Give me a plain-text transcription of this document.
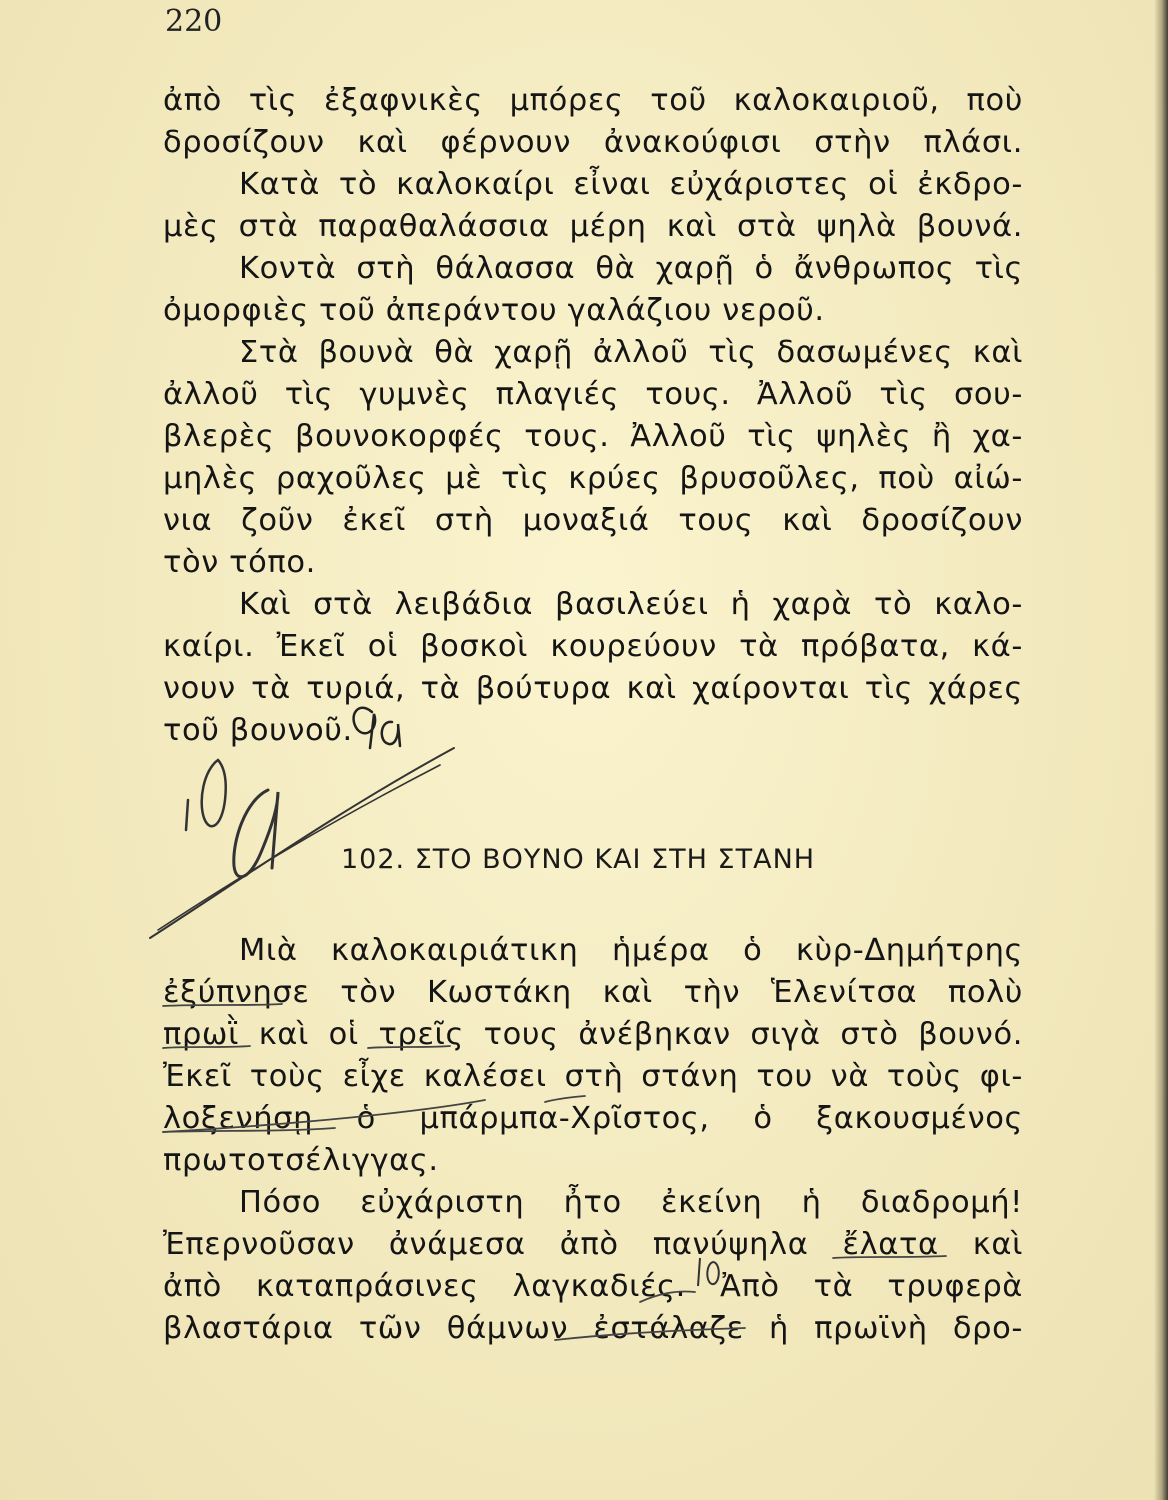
220
ἀπὸ τὶς ἐξαφνικὲς μπόρες τοῦ καλοκαιριοῦ, ποὺ
δροσίζουν καὶ φέρνουν ἀνακούφισι στὴν πλάσι.
Κατὰ τὸ καλοκαίρι εἶναι εὐχάριστες οἱ ἐκδρο-
μὲς στὰ παραθαλάσσια μέρη καὶ στὰ ψηλὰ βουνά.
Κοντὰ στὴ θάλασσα θὰ χαρῇ ὁ ἄνθρωπος τὶς
ὀμορφιὲς τοῦ ἀπεράντου γαλάζιου νεροῦ.
Στὰ βουνὰ θὰ χαρῇ ἀλλοῦ τὶς δασωμένες καὶ
ἀλλοῦ τὶς γυμνὲς πλαγιές τους. Ἀλλοῦ τὶς σου-
βλερὲς βουνοκορφές τους. Ἀλλοῦ τὶς ψηλὲς ἢ χα-
μηλὲς ραχοῦλες μὲ τὶς κρύες βρυσοῦλες, ποὺ αἰώ-
νια ζοῦν ἐκεῖ στὴ μοναξιά τους καὶ δροσίζουν
τὸν τόπο.
Καὶ στὰ λειβάδια βασιλεύει ἡ χαρὰ τὸ καλο-
καίρι. Ἐκεῖ οἱ βοσκοὶ κουρεύουν τὰ πρόβατα, κά-
νουν τὰ τυριά, τὰ βούτυρα καὶ χαίρονται τὶς χάρες
τοῦ βουνοῦ.
102. ΣΤΟ ΒΟΥΝΟ ΚΑΙ ΣΤΗ ΣΤΑΝΗ
Μιὰ καλοκαιριάτικη ἡμέρα ὁ κὺρ-Δημήτρης
ἐξύπνησε τὸν Κωστάκη καὶ τὴν Ἑλενίτσα πολὺ
πρωῒ καὶ οἱ τρεῖς τους ἀνέβηκαν σιγὰ στὸ βουνό.
Ἐκεῖ τοὺς εἶχε καλέσει στὴ στάνη του νὰ τοὺς φι-
λοξενήσῃ ὁ μπάρμπα-Χρῖστος, ὁ ξακουσμένος
πρωτοτσέλιγγας.
Πόσο εὐχάριστη ἦτο ἐκείνη ἡ διαδρομή!
Ἐπερνοῦσαν ἀνάμεσα ἀπὸ πανύψηλα ἔλατα καὶ
ἀπὸ καταπράσινες λαγκαδιές. Ἀπὸ τὰ τρυφερὰ
βλαστάρια τῶν θάμνων ἐστάλαζε ἡ πρωϊνὴ δρο-
